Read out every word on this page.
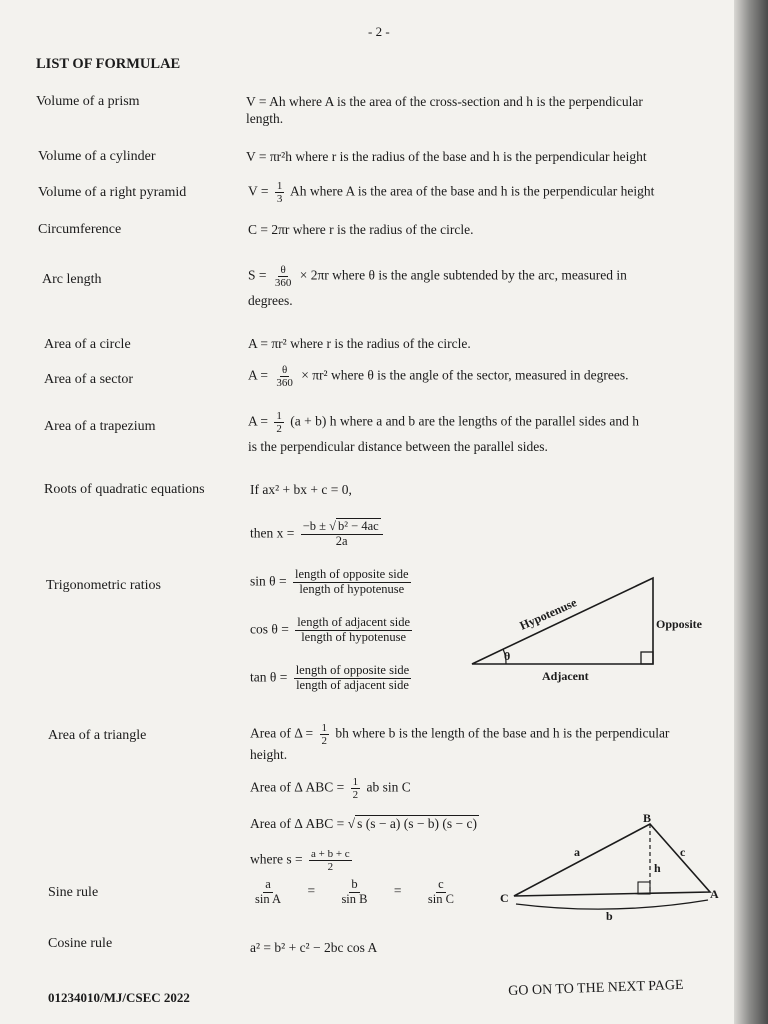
- 2 -
LIST OF FORMULAE
Volume of a prism	V = Ah where A is the area of the cross-section and h is the perpendicular
length.
Volume of a cylinder	V = πr²h where r is the radius of the base and h is the perpendicular height
Volume of a right pyramid	$V = \frac{1}{3}$ Ah where A is the area of the base and h is the perpendicular height
Circumference	C = 2πr where r is the radius of the circle.
Arc length	$S = \frac{\theta}{360} \times 2\pi r$ where θ is the angle subtended by the arc, measured in
degrees.
Area of a circle	A = πr² where r is the radius of the circle.
Area of a sector	$A = \frac{\theta}{360} \times \pi r^2$ where θ is the angle of the sector, measured in degrees.
Area of a trapezium	$A = \frac{1}{2} (a + b)$ h where a and b are the lengths of the parallel sides and h
is the perpendicular distance between the parallel sides.
Roots of quadratic equations	If ax² + bx + c = 0,
then $x = \frac{\text{−b ± √ b² − 4ac}}{2a}$
Trigonometric ratios	$\sin \theta = \frac{\text{length of opposite side}}{\text{length of hypotenuse}}$
$\cos \theta = \frac{\text{length of adjacent side}}{\text{length of hypotenuse}}$
$\tan \theta = \frac{\text{length of opposite side}}{\text{length of adjacent side}}$
θ
Hypotenuse	Opposite
Adjacent
Area of a triangle	Area of $\Delta = \frac{1}{2}$ bh where b is the length of the base and h is the perpendicular
height.
Area of Δ ABC = $\frac{1}{2}$ ab sin C
Area of Δ ABC = √ s (s − a) (s − b) (s − c)
where $s = \frac{a + b + c}{2}$
Sine rule	$\frac{a}{\text{sin A}} = \frac{b}{\text{sin B}} = \frac{c}{\text{sin C}}$	C
B
A
a
b
c
h
Cosine rule	a² = b² + c² − 2bc cos A
01234010/MJ/CSEC 2022	GO ON TO THE NEXT PAGE
